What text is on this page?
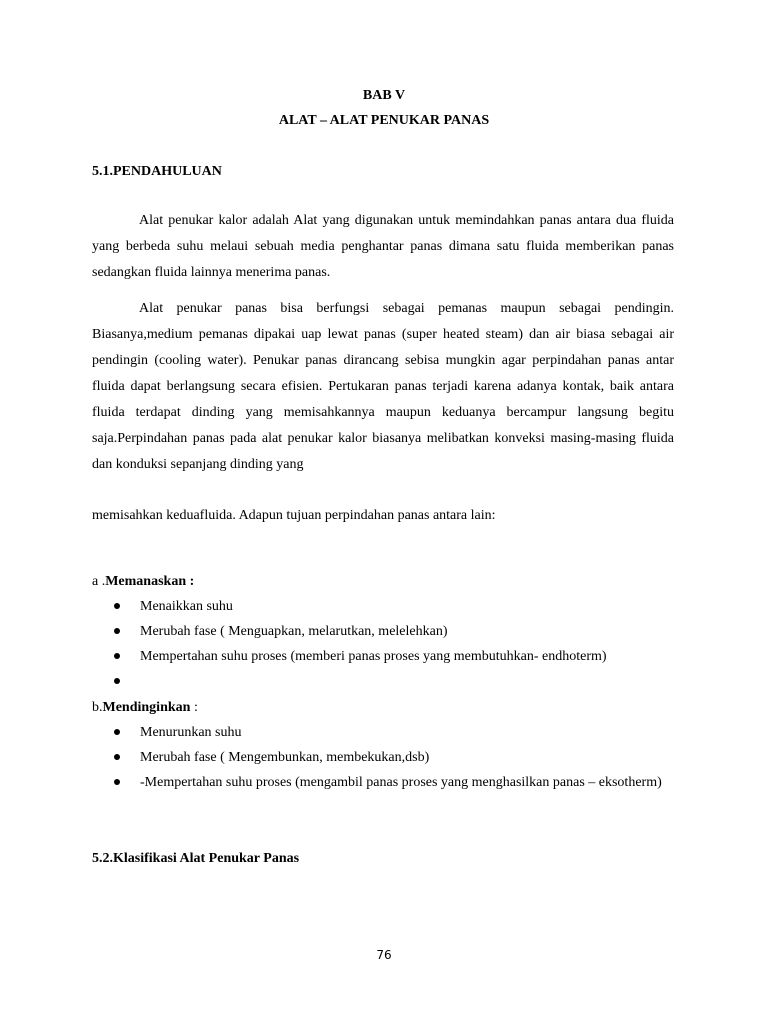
BAB V
ALAT – ALAT PENUKAR PANAS
5.1.PENDAHULUAN

Alat penukar kalor adalah Alat yang digunakan untuk memindahkan panas antara dua fluida yang berbeda suhu melaui sebuah media penghantar panas dimana satu fluida memberikan panas sedangkan fluida lainnya menerima panas.

Alat penukar panas bisa berfungsi sebagai pemanas maupun sebagai pendingin. Biasanya,medium pemanas dipakai uap lewat panas (super heated steam) dan air biasa sebagai air pendingin (cooling water). Penukar panas dirancang sebisa mungkin agar perpindahan panas antar fluida dapat berlangsung secara efisien. Pertukaran panas terjadi karena adanya kontak, baik antara fluida terdapat dinding yang memisahkannya maupun keduanya bercampur langsung begitu saja.Perpindahan panas pada alat penukar kalor biasanya melibatkan konveksi masing-masing fluida dan konduksi sepanjang dinding yang

memisahkan keduafluida. Adapun tujuan perpindahan panas antara lain:

a .Memanaskan :
Menaikkan suhu
Merubah fase ( Menguapkan, melarutkan, melelehkan)
Mempertahan suhu proses (memberi panas proses yang membutuhkan- endhoterm)

b.Mendinginkan :
Menurunkan suhu
Merubah fase ( Mengembunkan, membekukan,dsb)
-Mempertahan suhu proses (mengambil panas proses yang menghasilkan panas – eksotherm)
5.2.Klasifikasi Alat Penukar Panas
76
